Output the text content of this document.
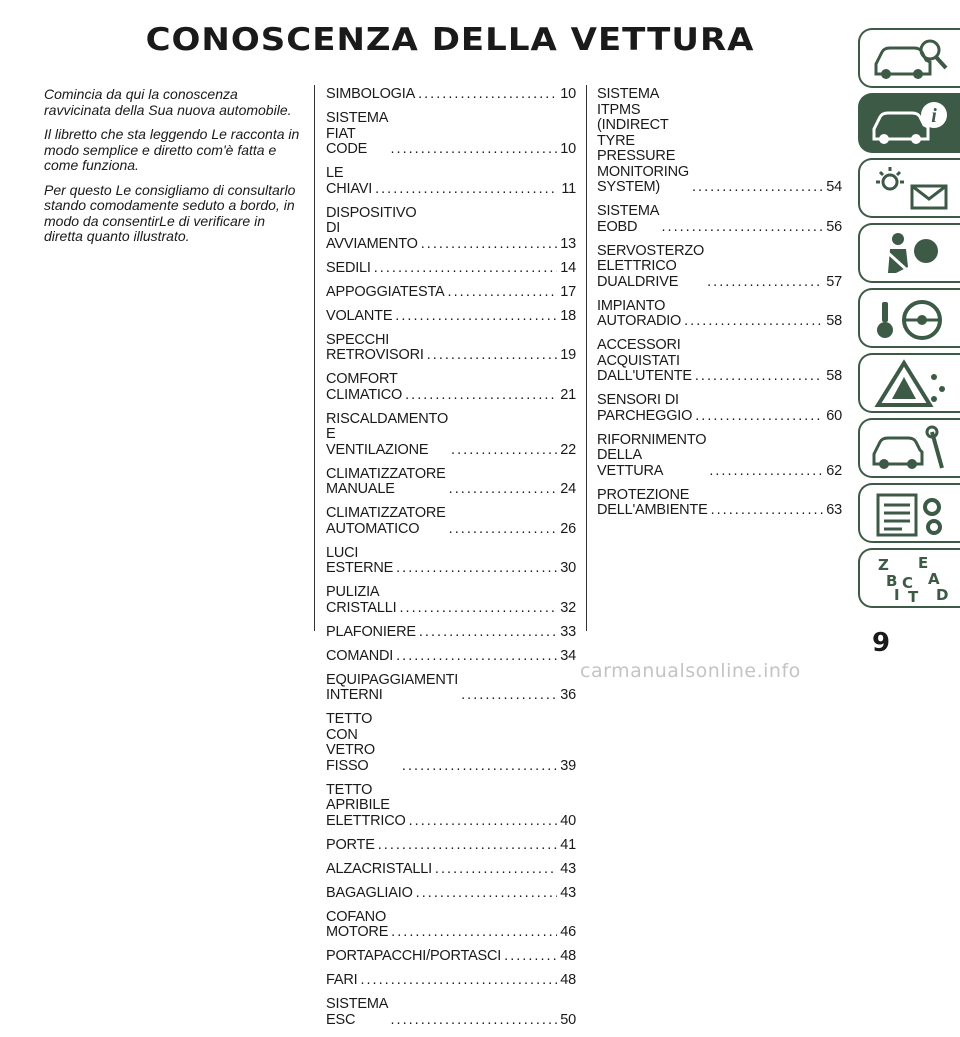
CONOSCENZA DELLA VETTURA

Comincia da qui la conoscenza ravvicinata della Sua nuova automobile.

Il libretto che sta leggendo Le racconta in modo semplice e diretto com'è fatta e come funziona.

Per questo Le consigliamo di consultarlo stando comodamente seduto a bordo, in modo da consentirLe di verificare in diretta quanto illustrato.

SIMBOLOGIA . . .	10
SISTEMA FIAT CODE . . .	10
LE CHIAVI . . .	11
DISPOSITIVO DI AVVIAMENTO . . .	13
SEDILI . . .	14
APPOGGIATESTA . . .	17
VOLANTE . . .	18
SPECCHI RETROVISORI . . .	19
COMFORT CLIMATICO . . .	21
RISCALDAMENTO E
VENTILAZIONE . . .	22
CLIMATIZZATORE MANUALE . . .	24
CLIMATIZZATORE AUTOMATICO . . .	26
LUCI ESTERNE . . .	30
PULIZIA CRISTALLI . . .	32
PLAFONIERE . . .	33
COMANDI . . .	34
EQUIPAGGIAMENTI INTERNI . . .	36
TETTO CON VETRO FISSO . . .	39
TETTO APRIBILE ELETTRICO . . .	40
PORTE . . .	41
ALZACRISTALLI . . .	43
BAGAGLIAIO . . .	43
COFANO MOTORE . . .	46
PORTAPACCHI/PORTASCI . . .	48
FARI . . .	48
SISTEMA ESC . . .	50
SISTEMA ITPMS (INDIRECT TYRE
PRESSURE MONITORING
SYSTEM) . . .	54
SISTEMA EOBD . . .	56
SERVOSTERZO ELETTRICO
DUALDRIVE . . .	57
IMPIANTO AUTORADIO . . .	58
ACCESSORI ACQUISTATI
DALL'UTENTE . . .	58
SENSORI DI PARCHEGGIO . . .	60
RIFORNIMENTO DELLA VETTURA . . .	62
PROTEZIONE DELL'AMBIENTE . . .	63
i
Z E
A
B C
T D
I
9
carmanualsonline.info
